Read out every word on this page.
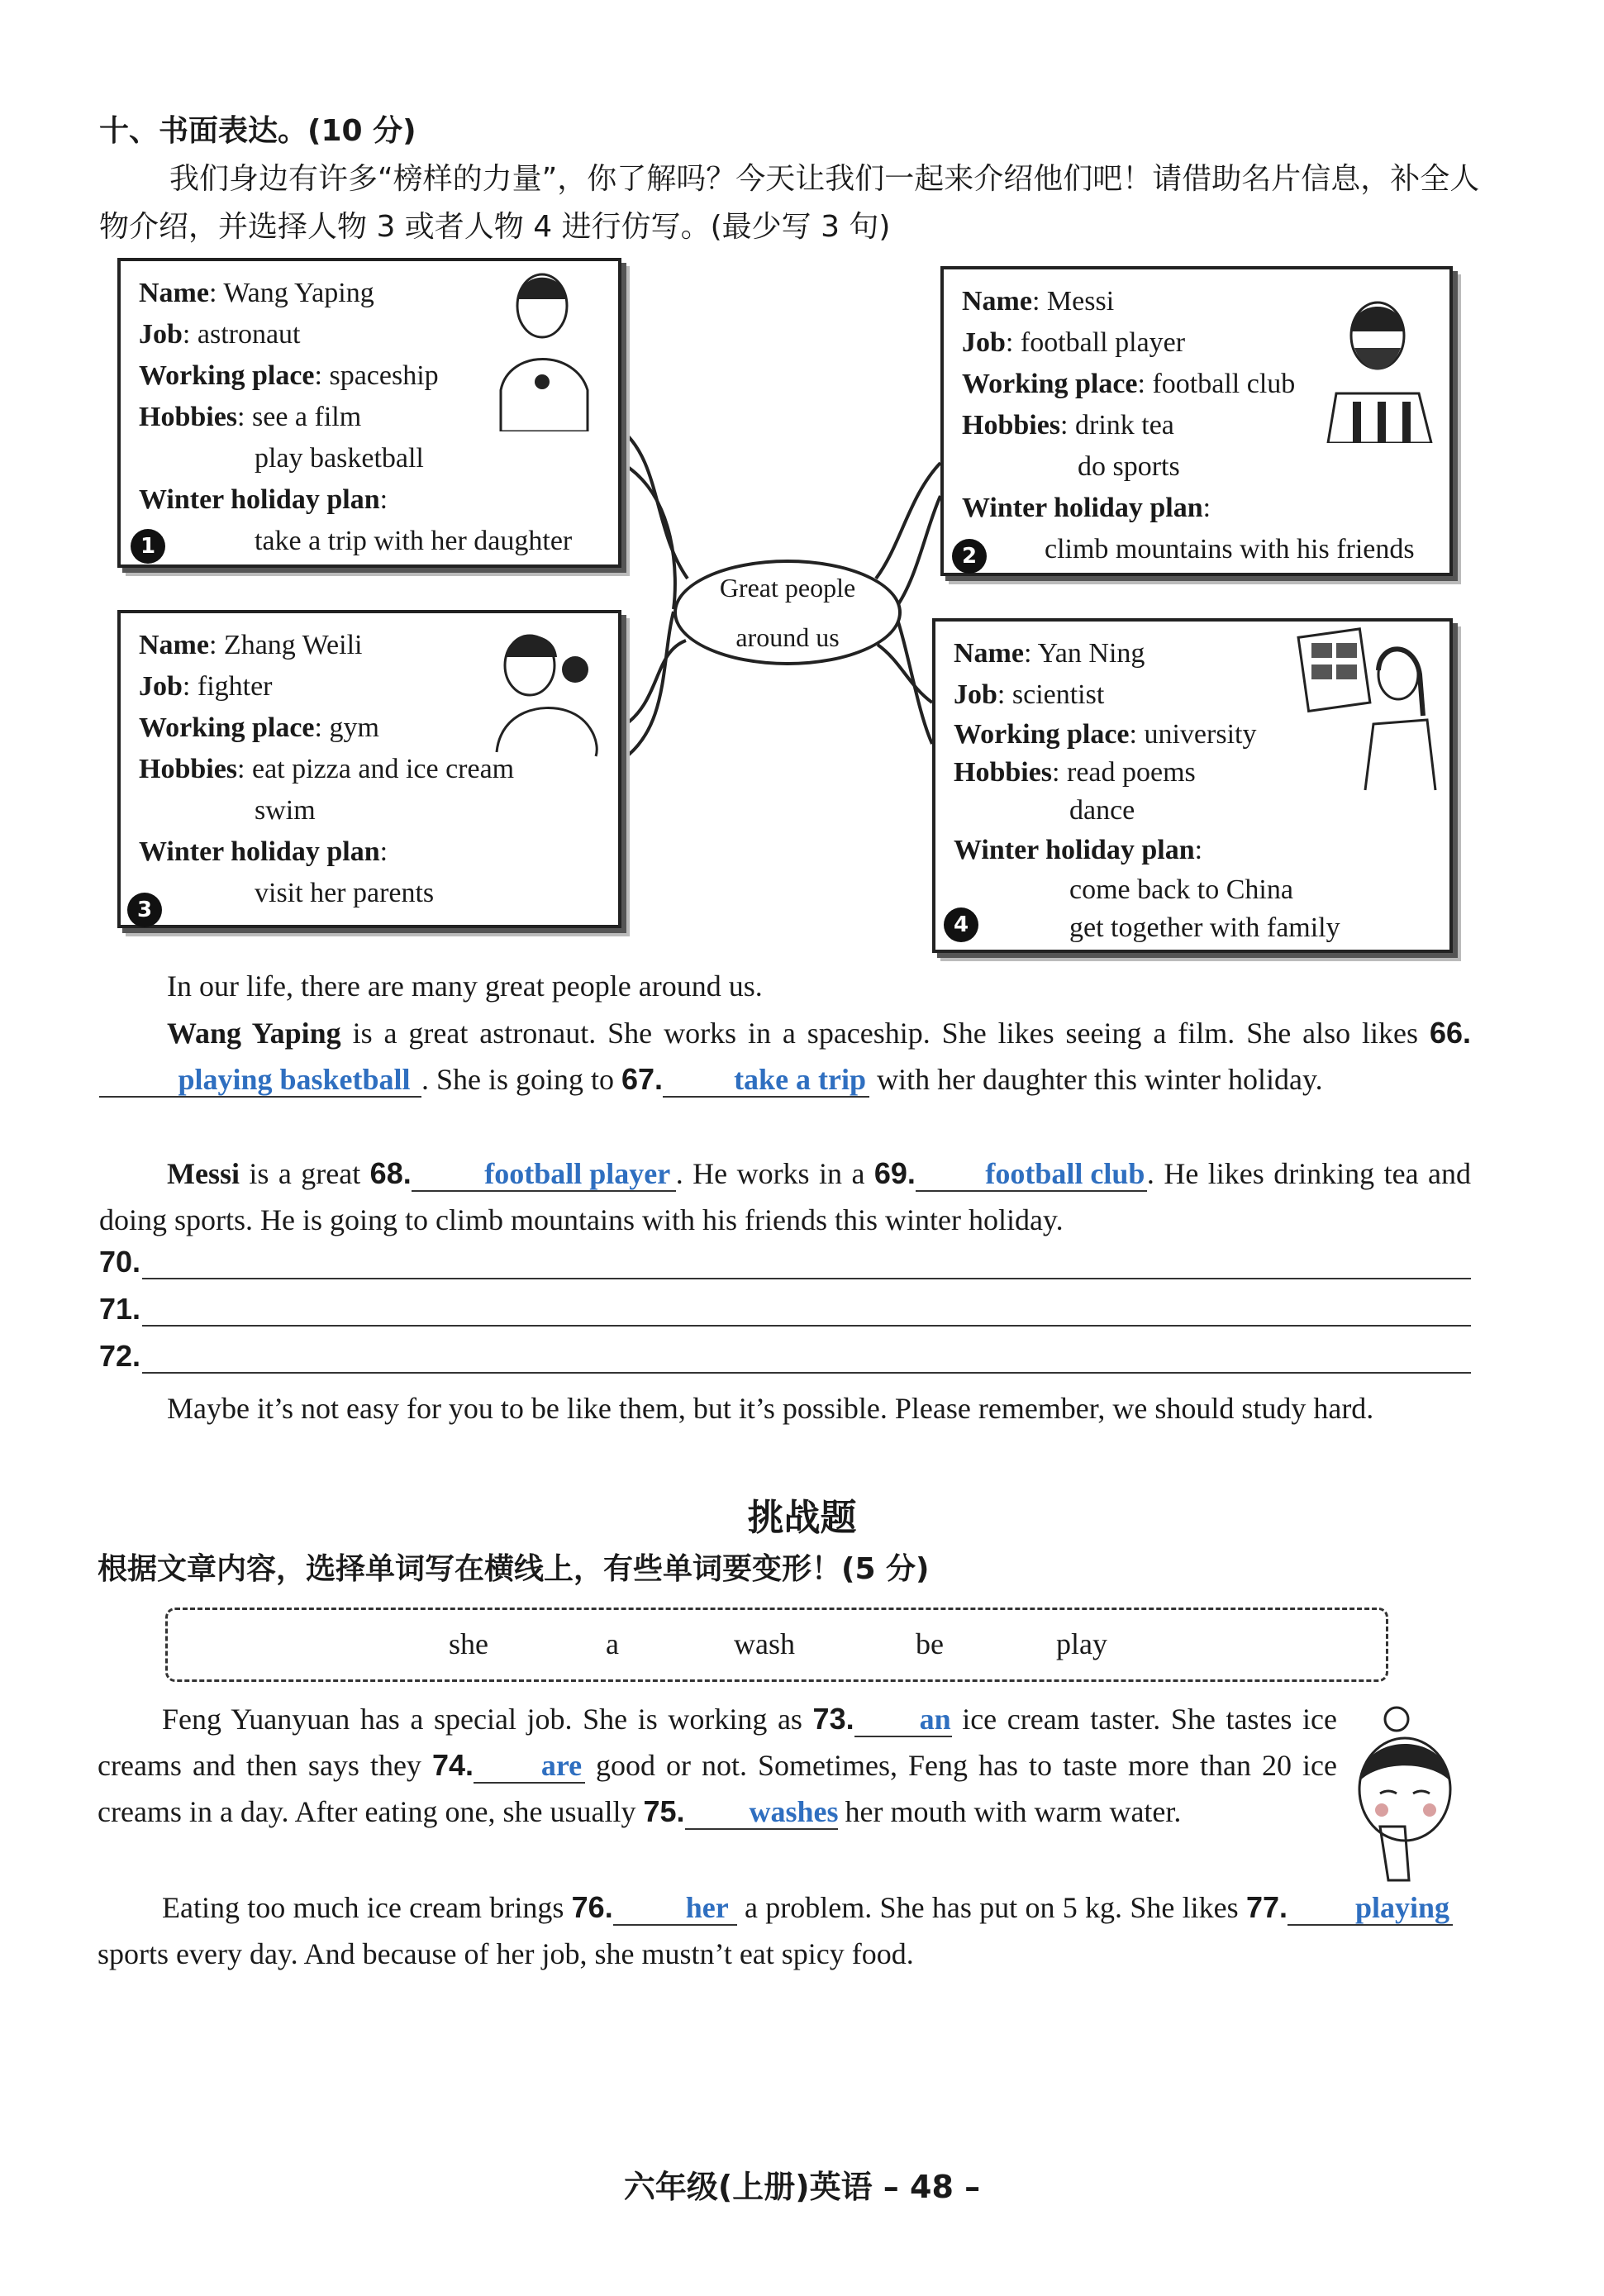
十、书面表达。(10 分)
我们身边有许多“榜样的力量”，你了解吗？今天让我们一起来介绍他们吧！请借助名片信息，补全人物介绍，并选择人物 3 或者人物 4 进行仿写。(最少写 3 句)
Name: Wang Yaping
Job: astronaut
Working place: spaceship
Hobbies: see a film
play basketball
Winter holiday plan:
take a trip with her daughter
1
Name: Messi
Job: football player
Working place: football club
Hobbies: drink tea
do sports
Winter holiday plan:
climb mountains with his friends
2
Name: Zhang Weili
Job: fighter
Working place: gym
Hobbies: eat pizza and ice cream
swim
Winter holiday plan:
visit her parents
3
Name: Yan Ning
Job: scientist
Working place: university
Hobbies: read poems
dance
Winter holiday plan:
come back to China
get together with family
4
Great people
around us
In our life, there are many great people around us.
Wang Yaping is a great astronaut. She works in a spaceship. She likes seeing a film. She also likes 66.playing basketball . She is going to 67. take a trip with her daughter this winter holiday.
Messi is a great 68. football player . He works in a 69. football club. He likes drinking tea and doing sports. He is going to climb mountains with his friends this winter holiday.
70.
71.
72.
Maybe it’s not easy for you to be like them, but it’s possible. Please remember, we should study hard.
挑战题
根据文章内容，选择单词写在横线上，有些单词要变形！(5 分)
she	a	wash	be	play
Feng Yuanyuan has a special job. She is working as 73. an ice cream taster. She tastes ice creams and then says they 74. are good or not. Sometimes, Feng has to taste more than 20 ice creams in a day. After eating one, she usually 75. washes her mouth with warm water.
Eating too much ice cream brings 76. her a problem. She has put on 5 kg. She likes 77. playing sports every day. And because of her job, she mustn’t eat spicy food.
六年级(上册)英语 – 48 –
